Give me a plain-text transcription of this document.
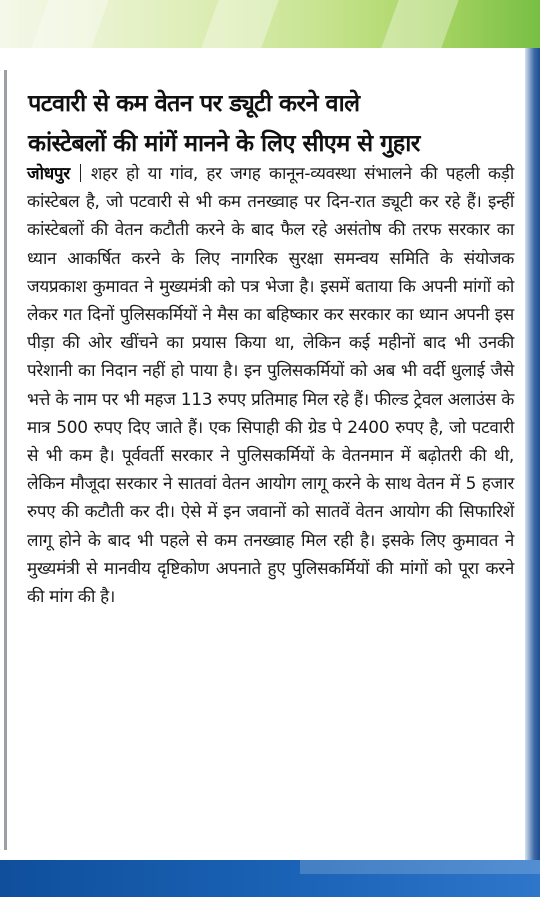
पटवारी से कम वेतन पर ड्यूटी करने वाले
कांस्टेबलों की मांगें मानने के लिए सीएम से गुहार
जोधपुर शहर हो या गांव, हर जगह कानून-व्यवस्था संभालने की पहली कड़ी कांस्टेबल है, जो पटवारी से भी कम तनख्वाह पर दिन-रात ड्यूटी कर रहे हैं। इन्हीं कांस्टेबलों की वेतन कटौती करने के बाद फैल रहे असंतोष की तरफ सरकार का ध्यान आकर्षित करने के लिए नागरिक सुरक्षा समन्वय समिति के संयोजक जयप्रकाश कुमावत ने मुख्यमंत्री को पत्र भेजा है। इसमें बताया कि अपनी मांगों को लेकर गत दिनों पुलिसकर्मियों ने मैस का बहिष्कार कर सरकार का ध्यान अपनी इस पीड़ा की ओर खींचने का प्रयास किया था, लेकिन कई महीनों बाद भी उनकी परेशानी का निदान नहीं हो पाया है। इन पुलिसकर्मियों को अब भी वर्दी धुलाई जैसे भत्ते के नाम पर भी महज 113 रुपए प्रतिमाह मिल रहे हैं। फील्ड ट्रेवल अलाउंस के मात्र 500 रुपए दिए जाते हैं। एक सिपाही की ग्रेड पे 2400 रुपए है, जो पटवारी से भी कम है। पूर्ववर्ती सरकार ने पुलिसकर्मियों के वेतनमान में बढ़ोतरी की थी, लेकिन मौजूदा सरकार ने सातवां वेतन आयोग लागू करने के साथ वेतन में 5 हजार रुपए की कटौती कर दी। ऐसे में इन जवानों को सातवें वेतन आयोग की सिफारिशें लागू होने के बाद भी पहले से कम तनख्वाह मिल रही है। इसके लिए कुमावत ने मुख्यमंत्री से मानवीय दृष्टिकोण अपनाते हुए पुलिसकर्मियों की मांगों को पूरा करने की मांग की है।
